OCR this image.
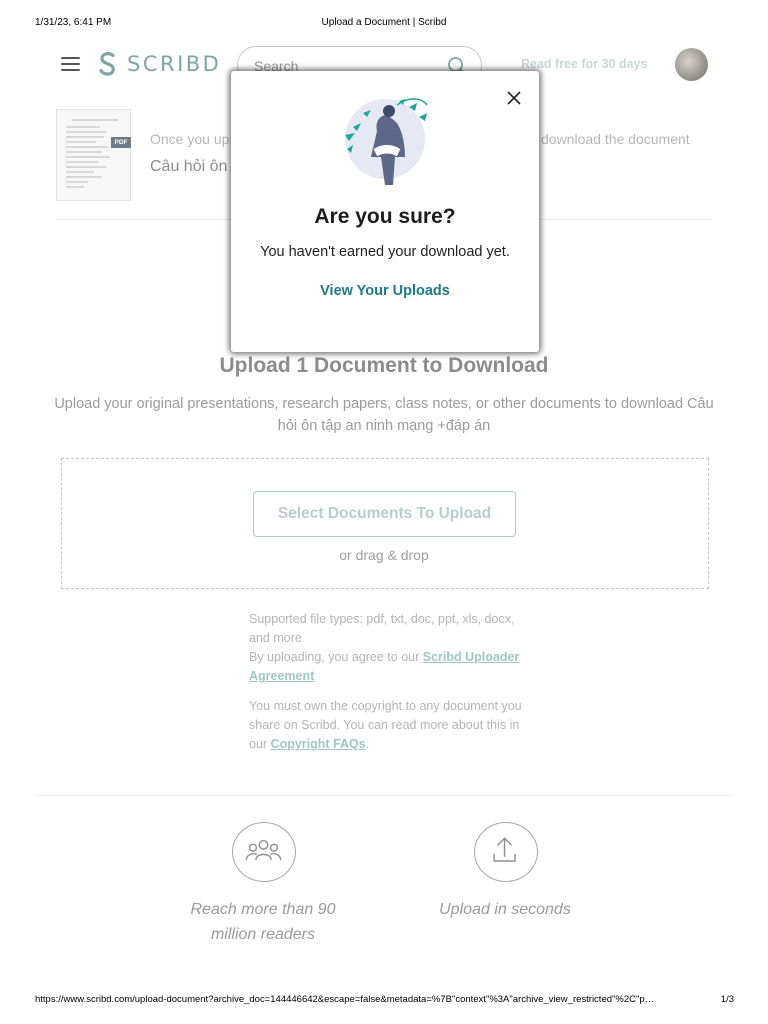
1/31/23, 6:41 PM	Upload a Document | Scribd
SCRIBD
Search	Read free for 30 days
PDF Once you up	download the document
Câu hỏi ôn
Upload 1 Document to Download
Upload your original presentations, research papers, class notes, or other documents to download Câu hỏi ôn tập an ninh mạng +đáp án
Select Documents To Upload
or drag & drop
Supported file types: pdf, txt, doc, ppt, xls, docx, and more
By uploading, you agree to our Scribd Uploader Agreement
You must own the copyright to any document you share on Scribd. You can read more about this in our Copyright FAQs.
Reach more than 90 million readers
Upload in seconds
Are you sure?
You haven't earned your download yet.
View Your Uploads
https://www.scribd.com/upload-document?archive_doc=144446642&escape=false&metadata=%7B"context"%3A"archive_view_restricted"%2C"p…	1/3
